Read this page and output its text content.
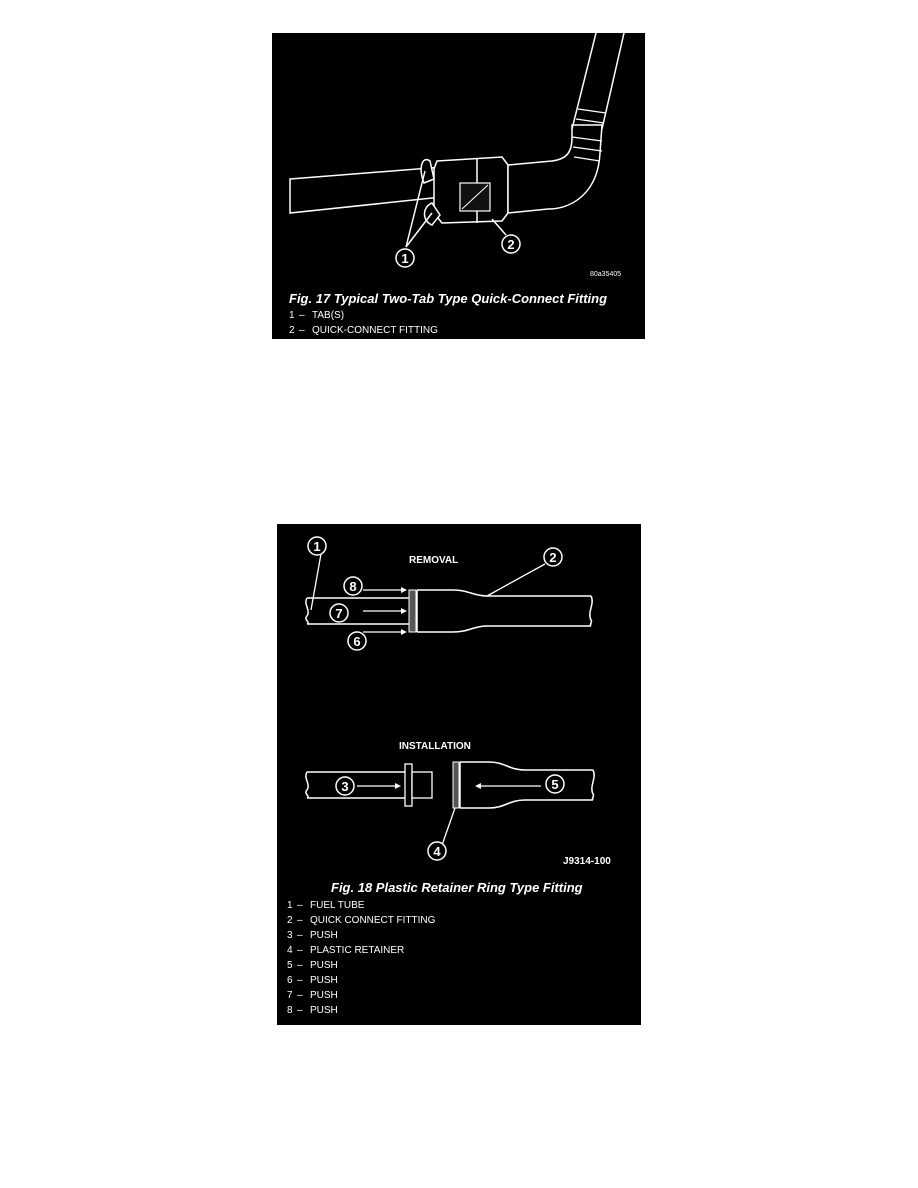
1
2
80a35405
Fig. 17 Typical Two-Tab Type Quick-Connect Fitting
1 – TAB(S)
2 – QUICK-CONNECT FITTING
REMOVAL
1
2
8
7
6
INSTALLATION
3	5
4
J9314-100
Fig. 18 Plastic Retainer Ring Type Fitting
1 – FUEL TUBE
2 – QUICK CONNECT FITTING
3 – PUSH
4 – PLASTIC RETAINER
5 – PUSH
6 – PUSH
7 – PUSH
8 – PUSH
